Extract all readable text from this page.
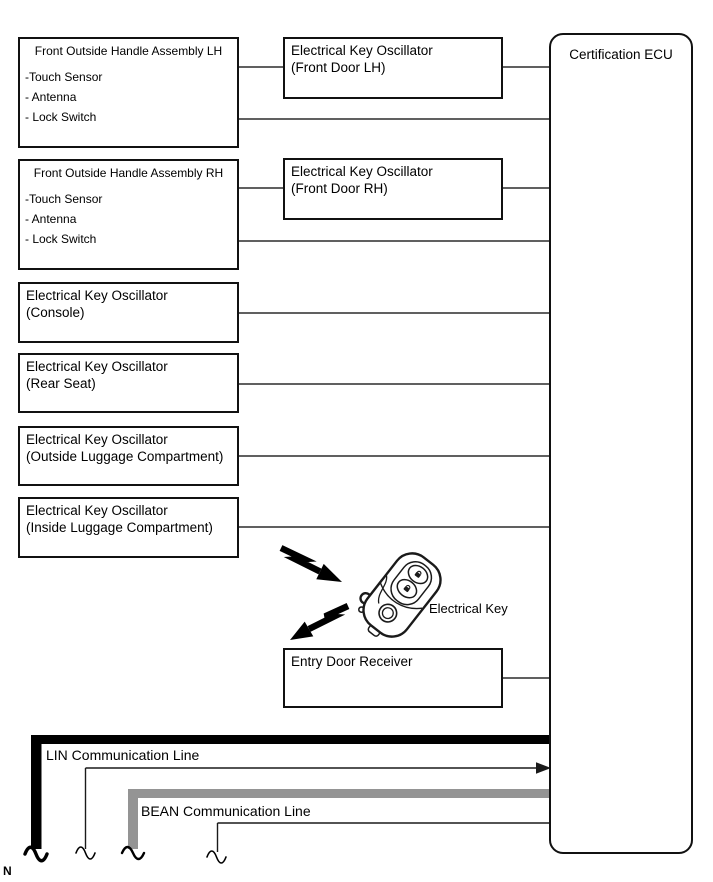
Front Outside Handle Assembly LH
-Touch Sensor
- Antenna
- Lock Switch
Front Outside Handle Assembly RH
-Touch Sensor
- Antenna
- Lock Switch
Electrical Key Oscillator
(Console)
Electrical Key Oscillator
(Rear Seat)
Electrical Key Oscillator
(Outside Luggage Compartment)
Electrical Key Oscillator
(Inside Luggage Compartment)
Electrical Key Oscillator
(Front Door LH)
Electrical Key Oscillator
(Front Door RH)
Entry Door Receiver
Certification ECU
Electrical Key
LIN Communication Line
BEAN Communication Line
N
